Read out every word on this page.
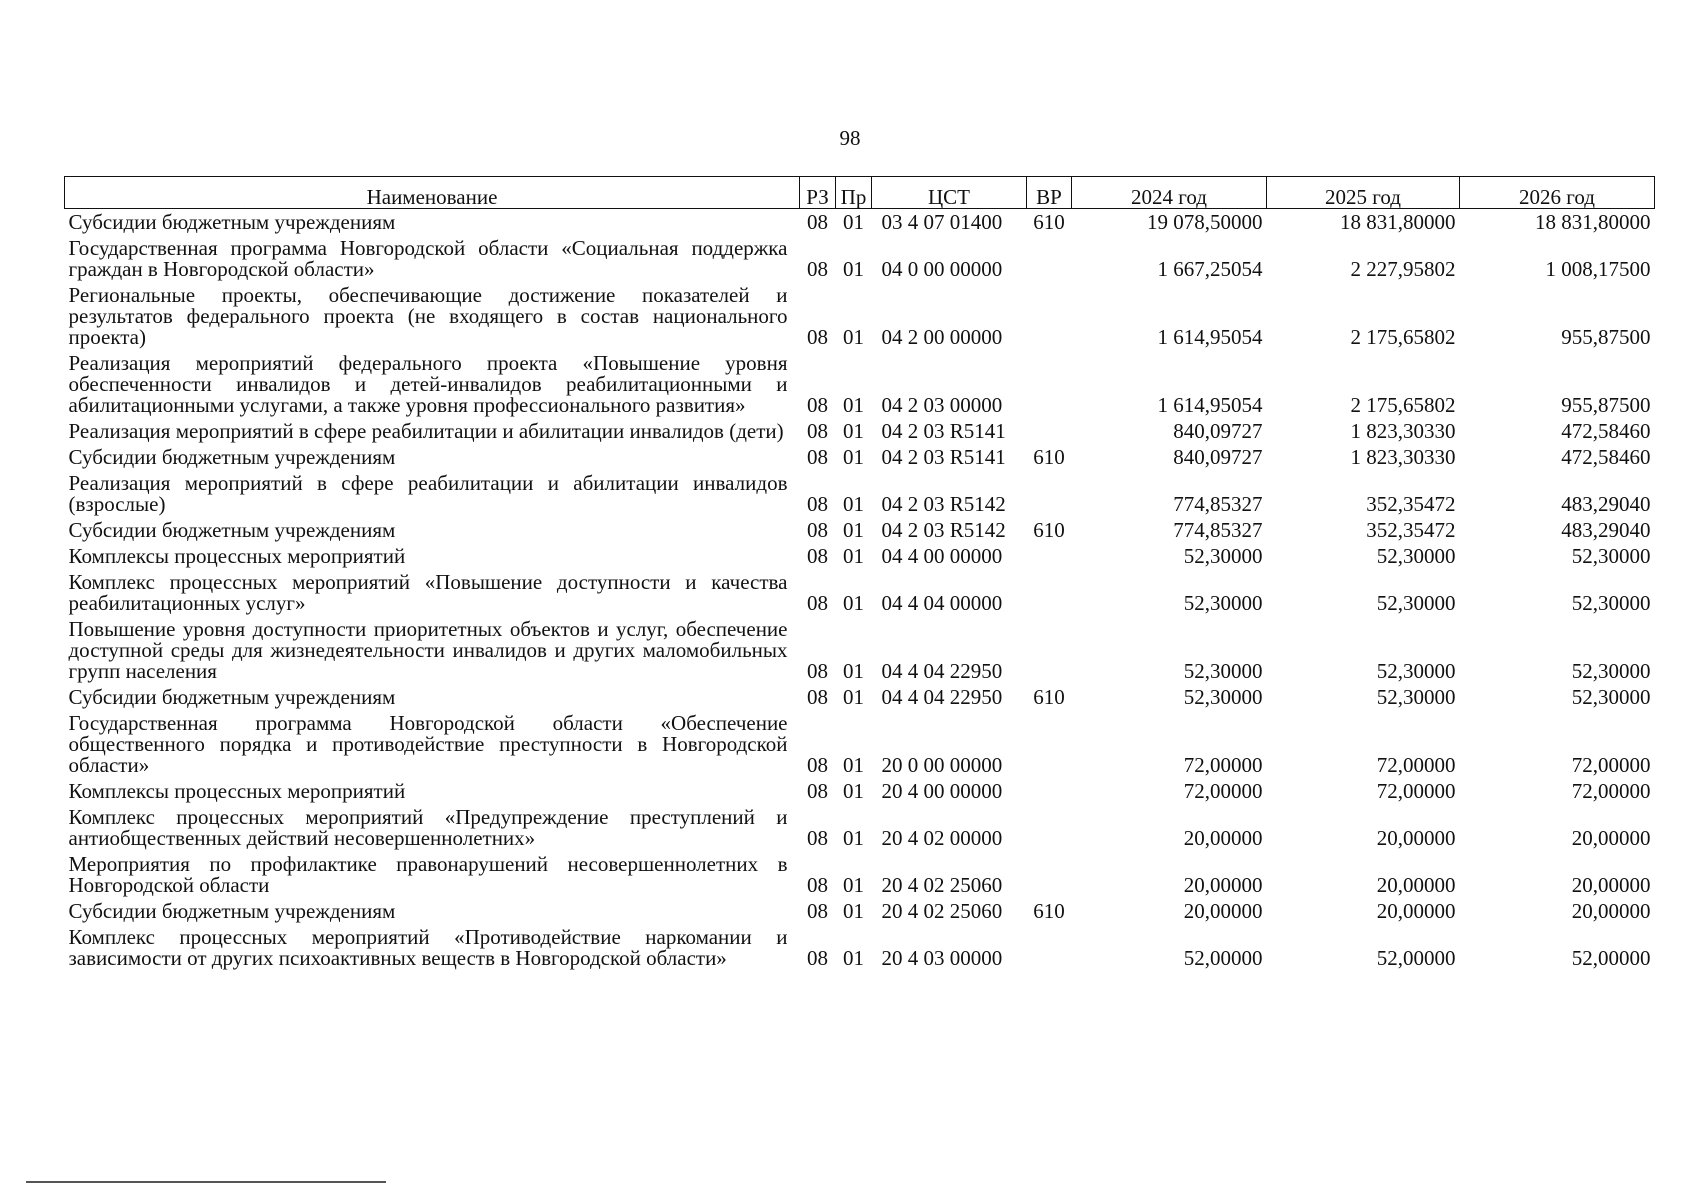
98
Наименование	РЗ	Пр	ЦСТ	ВР	2024 год	2025 год	2026 год
Субсидии бюджетным учреждениям	08	01	03 4 07 01400	610	19 078,50000	18 831,80000	18 831,80000
Государственная программа Новгородской области «Социальная поддержка граждан в Новгородской области»	08	01	04 0 00 00000		1 667,25054	2 227,95802	1 008,17500
Региональные проекты, обеспечивающие достижение показателей и результатов федерального проекта (не входящего в состав национального проекта)	08	01	04 2 00 00000		1 614,95054	2 175,65802	955,87500
Реализация мероприятий федерального проекта «Повышение уровня обеспеченности инвалидов и детей-инвалидов реабилитационными и абилитационными услугами, а также уровня профессионального развития»	08	01	04 2 03 00000		1 614,95054	2 175,65802	955,87500
Реализация мероприятий в сфере реабилитации и абилитации инвалидов (дети)	08	01	04 2 03 R5141		840,09727	1 823,30330	472,58460
Субсидии бюджетным учреждениям	08	01	04 2 03 R5141	610	840,09727	1 823,30330	472,58460
Реализация мероприятий в сфере реабилитации и абилитации инвалидов (взрослые)	08	01	04 2 03 R5142		774,85327	352,35472	483,29040
Субсидии бюджетным учреждениям	08	01	04 2 03 R5142	610	774,85327	352,35472	483,29040
Комплексы процессных мероприятий	08	01	04 4 00 00000		52,30000	52,30000	52,30000
Комплекс процессных мероприятий «Повышение доступности и качества реабилитационных услуг»	08	01	04 4 04 00000		52,30000	52,30000	52,30000
Повышение уровня доступности приоритетных объектов и услуг, обеспечение доступной среды для жизнедеятельности инвалидов и других маломобильных групп населения	08	01	04 4 04 22950		52,30000	52,30000	52,30000
Субсидии бюджетным учреждениям	08	01	04 4 04 22950	610	52,30000	52,30000	52,30000
Государственная программа Новгородской области «Обеспечение общественного порядка и противодействие преступности в Новгородской области»	08	01	20 0 00 00000		72,00000	72,00000	72,00000
Комплексы процессных мероприятий	08	01	20 4 00 00000		72,00000	72,00000	72,00000
Комплекс процессных мероприятий «Предупреждение преступлений и антиобщественных действий несовершеннолетних»	08	01	20 4 02 00000		20,00000	20,00000	20,00000
Мероприятия по профилактике правонарушений несовершеннолетних в Новгородской области	08	01	20 4 02 25060		20,00000	20,00000	20,00000
Субсидии бюджетным учреждениям	08	01	20 4 02 25060	610	20,00000	20,00000	20,00000
Комплекс процессных мероприятий «Противодействие наркомании и зависимости от других психоактивных веществ в Новгородской области»	08	01	20 4 03 00000		52,00000	52,00000	52,00000
